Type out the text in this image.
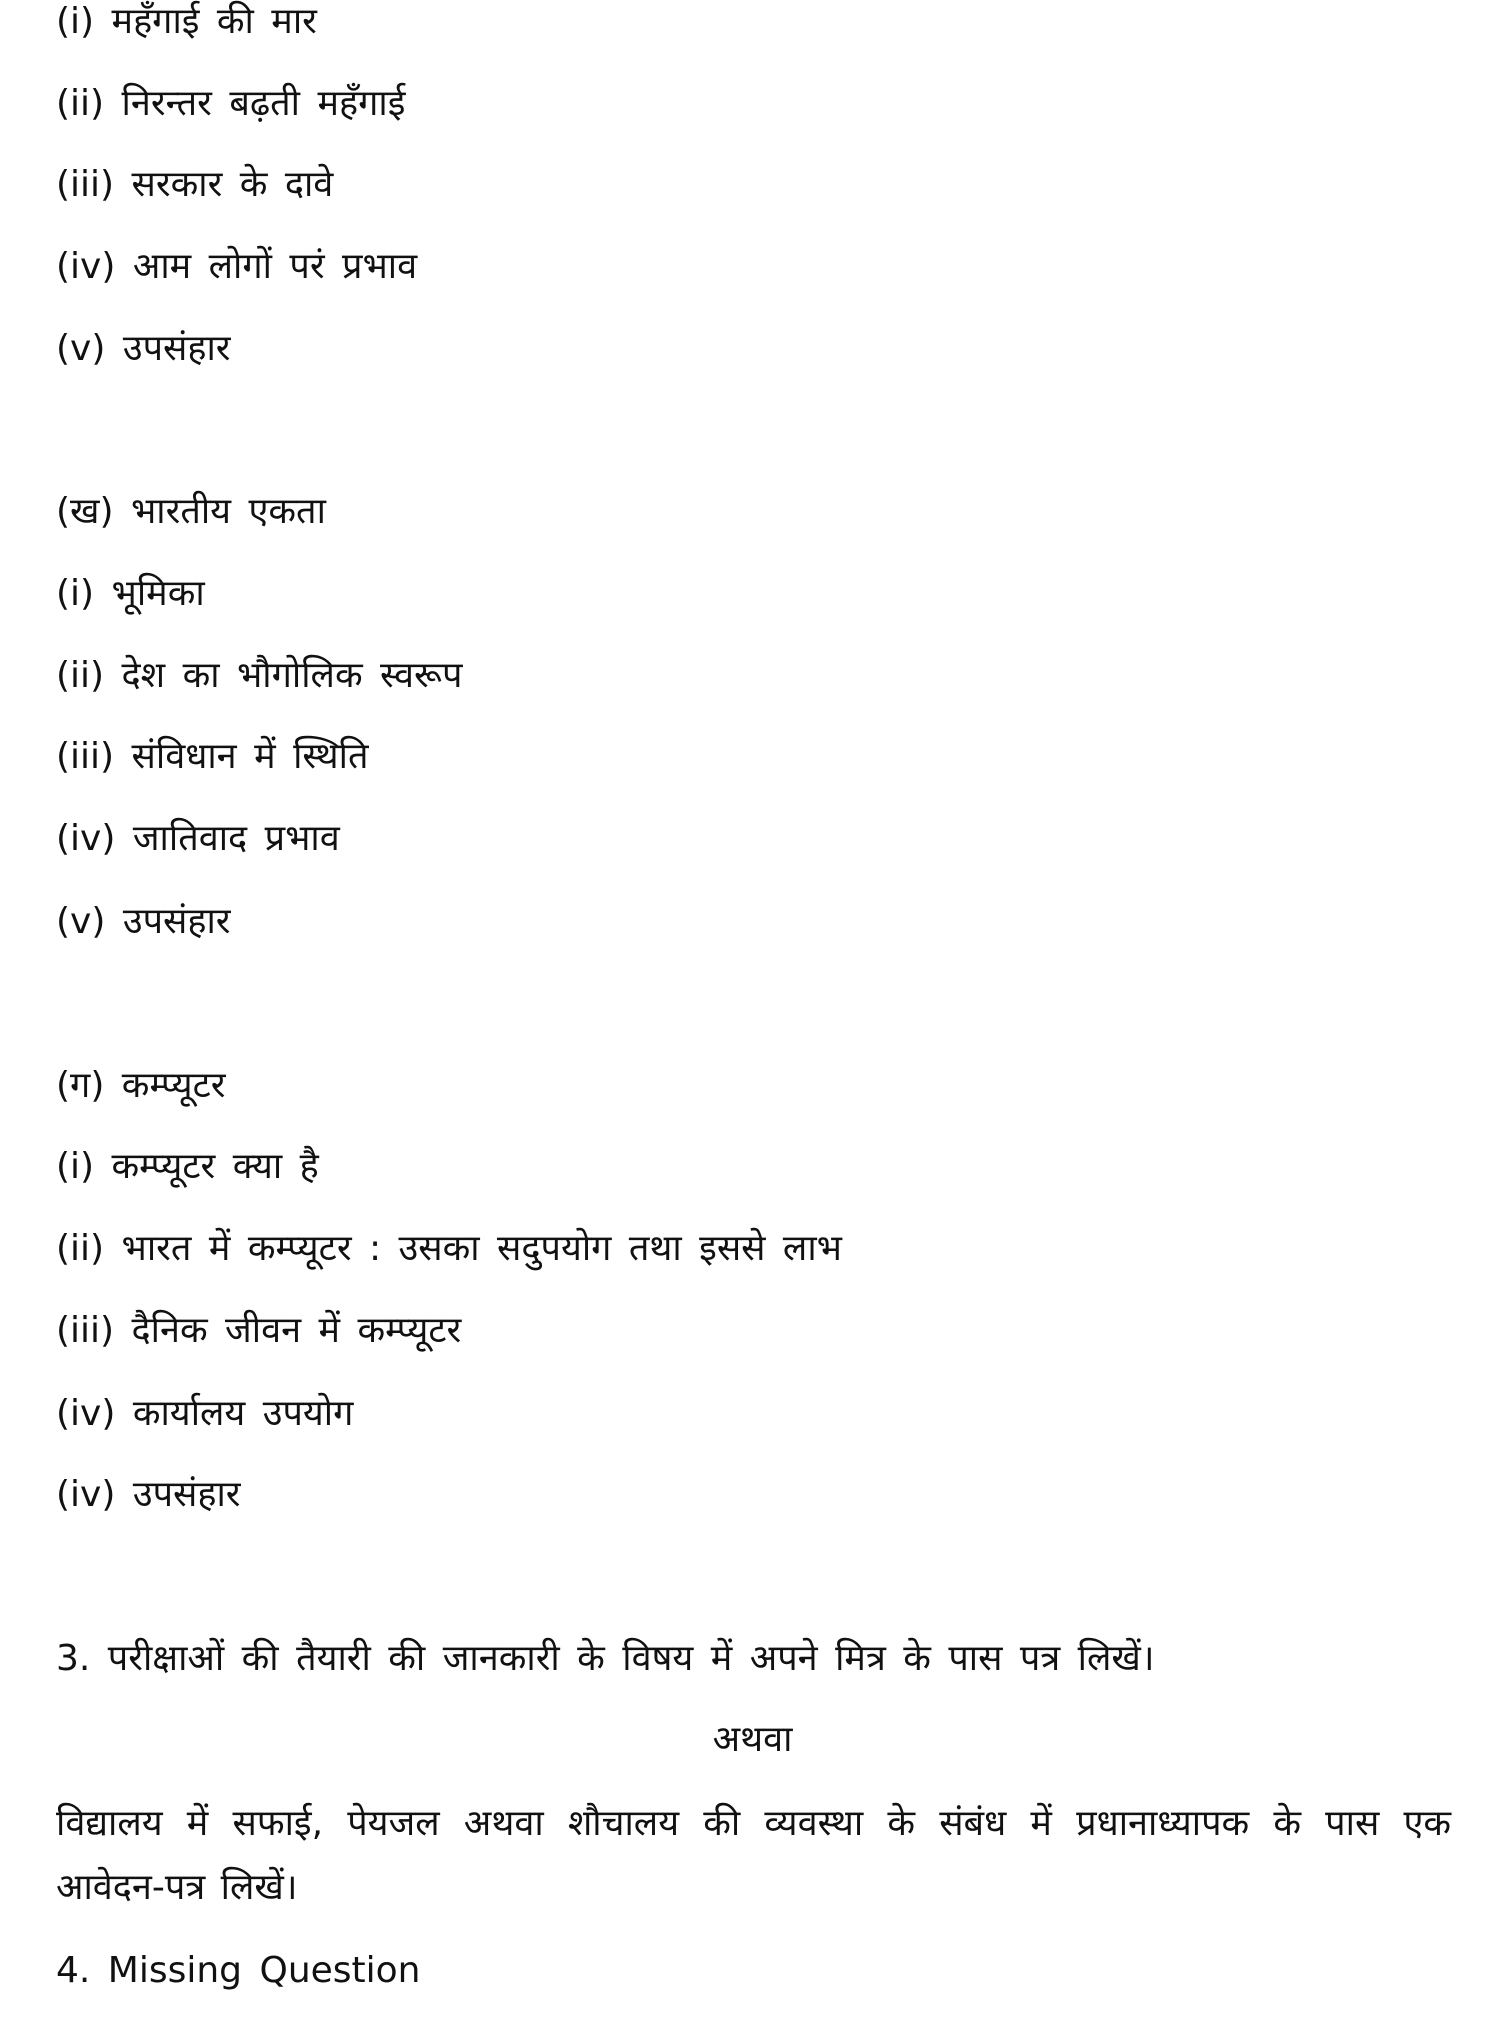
(i) महँगाई की मार
(ii) निरन्तर बढ़ती महँगाई
(iii) सरकार के दावे
(iv) आम लोगों परं प्रभाव
(v) उपसंहार
(ख) भारतीय एकता
(i) भूमिका
(ii) देश का भौगोलिक स्वरूप
(iii) संविधान में स्थिति
(iv) जातिवाद प्रभाव
(v) उपसंहार
(ग) कम्प्यूटर
(i) कम्प्यूटर क्या है
(ii) भारत में कम्प्यूटर : उसका सदुपयोग तथा इससे लाभ
(iii) दैनिक जीवन में कम्प्यूटर
(iv) कार्यालय उपयोग
(iv) उपसंहार
3. परीक्षाओं की तैयारी की जानकारी के विषय में अपने मित्र के पास पत्र लिखें।
अथवा
विद्यालय में सफाई, पेयजल अथवा शौचालय की व्यवस्था के संबंध में प्रधानाध्यापक के पास एक आवेदन-पत्र लिखें।
4. Missing Question
